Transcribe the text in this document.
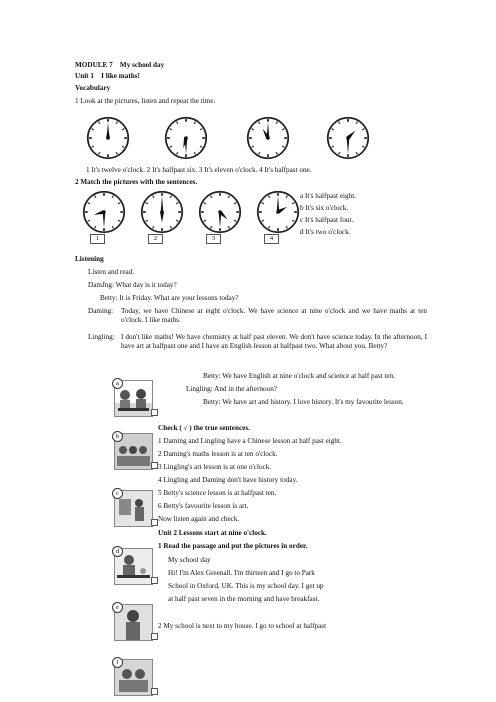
MODULE 7 My school day
Unit 1 I like maths!
Vocabulary
1 Look at the pictures, listen and repeat the time.
1 It's twelve o'clock. 2 It's halfpast six. 3 It's eleven o'clock. 4 It's halfpast one.
2 Match the pictures with the sentences.
a It's halfpast eight.
b It's six o'clock.
c It's halfpast four.
d It's two o'clock.
1	2	3	4
Listening
Listen and read.
DamJng: What day is it today?
Betty: It is Friday. What are your lessons today?
Daming: Today, we have Chinese at eight o'clock. We have science at nine o'clock and we have maths at ten o'clock. I like maths.
Lingling: I don't like maths! We have chemistry at half past eleven. We don't have science today. In the afternoon, I have art at halfpast one and I have an English lesson at halfpast two. What about you, Betty?
Betty: We have English at nine o'clock and science at half past ten.
Lingling: And in the afternoon?
Betty: We have art and history. I love history. It's my favourite lesson.
Check ( √ ) the true sentences.
1 Daming and Lingling have a Chinese lesson at half past eight.
2 Daming's maths lesson is at ten o'clock.
3 Lingling's art lesson is at one o'clock.
4 Lingling and Daming don't have history today.
5 Betty's science lesson is at halfpast ten.
6 Betty's favourite lesson is art.
Now listen again and check.
Unit 2 Lessons start at nine o'clock.
1 Read the passage and put the pictures in order.
My school day
Hi! I'm Alex Greenall. I'm thirteen and I go to Park
School in Oxford, UK. This is my school day. I get up
at half past seven in the morning and have breakfast.
2 My school is next to my house. I go to school at halfpast
a
b
c
d
e
f
